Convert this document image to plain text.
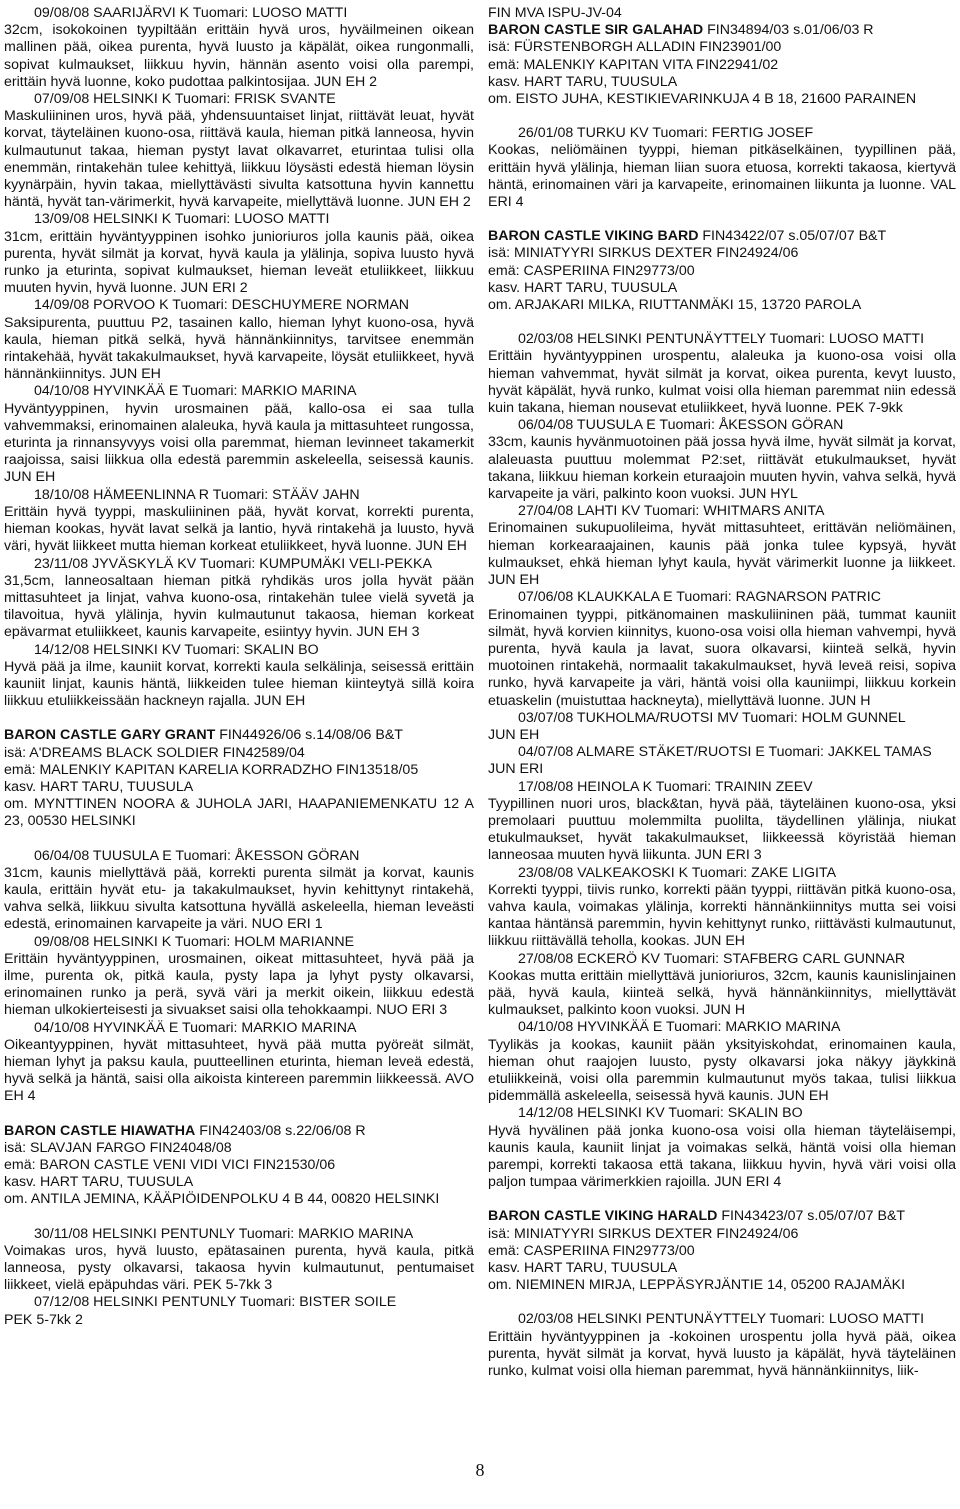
09/08/08 SAARIJÄRVI K Tuomari: LUOSO MATTI

32cm, isokokoinen tyypiltään erittäin hyvä uros, hyväilmeinen oikean mallinen pää, oikea purenta, hyvä luusto ja käpälät, oikea rungonmalli, sopivat kulmaukset, liikkuu hyvin, hännän asento voisi olla parempi, erittäin hyvä luonne, koko pudottaa palkintosijaa. JUN EH 2

07/09/08 HELSINKI K Tuomari: FRISK SVANTE

Maskuliininen uros, hyvä pää, yhdensuuntaiset linjat, riittävät leuat, hyvät korvat, täyteläinen kuono-osa, riittävä kaula, hieman pitkä lanneosa, hyvin kulmautunut takaa, hieman pystyt lavat olkavarret, eturintaa tulisi olla enemmän, rintakehän tulee kehittyä, liikkuu löysästi edestä hieman löysin kyynärpäin, hyvin takaa, miellyttävästi sivulta katsottuna hyvin kannettu häntä, hyvät tan-värimerkit, hyvä karvapeite, miellyttävä luonne. JUN EH 2

13/09/08 HELSINKI K Tuomari: LUOSO MATTI

31cm, erittäin hyväntyyppinen isohko junioriuros jolla kaunis pää, oikea purenta, hyvät silmät ja korvat, hyvä kaula ja ylälinja, sopiva luusto hyvä runko ja eturinta, sopivat kulmaukset, hieman leveät etuliikkeet, liikkuu muuten hyvin, hyvä luonne. JUN ERI 2

14/09/08 PORVOO K Tuomari: DESCHUYMERE NORMAN

Saksipurenta, puuttuu P2, tasainen kallo, hieman lyhyt kuono-osa, hyvä kaula, hieman pitkä selkä, hyvä hännänkiinnitys, tarvitsee enemmän rintakehää, hyvät takakulmaukset, hyvä karvapeite, löysät etuliikkeet, hyvä hännänkiinnitys. JUN EH

04/10/08 HYVINKÄÄ E Tuomari: MARKIO MARINA

Hyväntyyppinen, hyvin urosmainen pää, kallo-osa ei saa tulla vahvemmaksi, erinomainen alaleuka, hyvä kaula ja mittasuhteet rungossa, eturinta ja rinnansyvyys voisi olla paremmat, hieman levinneet takamerkit raajoissa, saisi liikkua olla edestä paremmin askeleella, seisessä kaunis. JUN EH

18/10/08 HÄMEENLINNA R Tuomari: STÄÄV JAHN

Erittäin hyvä tyyppi, maskuliininen pää, hyvät korvat, korrekti purenta, hieman kookas, hyvät lavat selkä ja lantio, hyvä rintakehä ja luusto, hyvä väri, hyvät liikkeet mutta hieman korkeat etuliikkeet, hyvä luonne. JUN EH

23/11/08 JYVÄSKYLÄ KV Tuomari: KUMPUMÄKI VELI-PEKKA

31,5cm, lanneosaltaan hieman pitkä ryhdikäs uros jolla hyvät pään mittasuhteet ja linjat, vahva kuono-osa, rintakehän tulee vielä syvetä ja tilavoitua, hyvä ylälinja, hyvin kulmautunut takaosa, hieman korkeat epävarmat etuliikkeet, kaunis karvapeite, esiintyy hyvin. JUN EH 3

14/12/08 HELSINKI KV Tuomari: SKALIN BO

Hyvä pää ja ilme, kauniit korvat, korrekti kaula selkälinja, seisessä erittäin kauniit linjat, kaunis häntä, liikkeiden tulee hieman kiinteytyä sillä koira liikkuu etuliikkeissään hackneyn rajalla. JUN EH

BARON CASTLE GARY GRANT FIN44926/06 s.14/08/06 B&T

isä: A'DREAMS BLACK SOLDIER FIN42589/04

emä: MALENKIY KAPITAN KARELIA KORRADZHO FIN13518/05

kasv. HART TARU, TUUSULA

om. MYNTTINEN NOORA & JUHOLA JARI, HAAPANIEMENKATU 12 A 23, 00530 HELSINKI

06/04/08 TUUSULA E Tuomari: ÅKESSON GÖRAN

31cm, kaunis miellyttävä pää, korrekti purenta silmät ja korvat, kaunis kaula, erittäin hyvät etu- ja takakulmaukset, hyvin kehittynyt rintakehä, vahva selkä, liikkuu sivulta katsottuna hyvällä askeleella, hieman leveästi edestä, erinomainen karvapeite ja väri. NUO ERI 1

09/08/08 HELSINKI K Tuomari: HOLM MARIANNE

Erittäin hyväntyyppinen, urosmainen, oikeat mittasuhteet, hyvä pää ja ilme, purenta ok, pitkä kaula, pysty lapa ja lyhyt pysty olkavarsi, erinomainen runko ja perä, syvä väri ja merkit oikein, liikkuu edestä hieman ulkokierteisesti ja sivuakset saisi olla tehokkaampi. NUO ERI 3

04/10/08 HYVINKÄÄ E Tuomari: MARKIO MARINA

Oikeantyyppinen, hyvät mittasuhteet, hyvä pää mutta pyöreät silmät, hieman lyhyt ja paksu kaula, puutteellinen eturinta, hieman leveä edestä, hyvä selkä ja häntä, saisi olla aikoista kintereen paremmin liikkeessä. AVO EH 4

BARON CASTLE HIAWATHA FIN42403/08 s.22/06/08 R

isä: SLAVJAN FARGO FIN24048/08

emä: BARON CASTLE VENI VIDI VICI FIN21530/06

kasv. HART TARU, TUUSULA

om. ANTILA JEMINA, KÄÄPIÖIDENPOLKU 4 B 44, 00820 HELSINKI

30/11/08 HELSINKI PENTUNLY Tuomari: MARKIO MARINA

Voimakas uros, hyvä luusto, epätasainen purenta, hyvä kaula, pitkä lanneosa, pysty olkavarsi, takaosa hyvin kulmautunut, pentumaiset liikkeet, vielä epäpuhdas väri. PEK 5-7kk 3

07/12/08 HELSINKI PENTUNLY Tuomari: BISTER SOILE

PEK 5-7kk 2

FIN MVA ISPU-JV-04

BARON CASTLE SIR GALAHAD FIN34894/03 s.01/06/03 R

isä: FÜRSTENBORGH ALLADIN FIN23901/00

emä: MALENKIY KAPITAN VITA FIN22941/02

kasv. HART TARU, TUUSULA

om. EISTO JUHA, KESTIKIEVARINKUJA 4 B 18, 21600 PARAINEN

26/01/08 TURKU KV Tuomari: FERTIG JOSEF

Kookas, neliömäinen tyyppi, hieman pitkäselkäinen, tyypillinen pää, erittäin hyvä ylälinja, hieman liian suora etuosa, korrekti takaosa, kiertyvä häntä, erinomainen väri ja karvapeite, erinomainen liikunta ja luonne. VAL ERI 4

BARON CASTLE VIKING BARD FIN43422/07 s.05/07/07 B&T

isä: MINIATYYRI SIRKUS DEXTER FIN24924/06

emä: CASPERIINA FIN29773/00

kasv. HART TARU, TUUSULA

om. ARJAKARI MILKA, RIUTTANMÄKI 15, 13720 PAROLA

02/03/08 HELSINKI PENTUNÄYTTELY Tuomari: LUOSO MATTI

Erittäin hyväntyyppinen urospentu, alaleuka ja kuono-osa voisi olla hieman vahvemmat, hyvät silmät ja korvat, oikea purenta, kevyt luusto, hyvät käpälät, hyvä runko, kulmat voisi olla hieman paremmat niin edessä kuin takana, hieman nousevat etuliikkeet, hyvä luonne. PEK 7-9kk

06/04/08 TUUSULA E Tuomari: ÅKESSON GÖRAN

33cm, kaunis hyvänmuotoinen pää jossa hyvä ilme, hyvät silmät ja korvat, alaleuasta puuttuu molemmat P2:set, riittävät etukulmaukset, hyvät takana, liikkuu hieman korkein eturaajoin muuten hyvin, vahva selkä, hyvä karvapeite ja väri, palkinto koon vuoksi. JUN HYL

27/04/08 LAHTI KV Tuomari: WHITMARS ANITA

Erinomainen sukupuolileima, hyvät mittasuhteet, erittävän neliömäinen, hieman korkearaajainen, kaunis pää jonka tulee kypsyä, hyvät kulmaukset, ehkä hieman lyhyt kaula, hyvät värimerkit luonne ja liikkeet. JUN EH

07/06/08 KLAUKKALA E Tuomari: RAGNARSON PATRIC

Erinomainen tyyppi, pitkänomainen maskuliininen pää, tummat kauniit silmät, hyvä korvien kiinnitys, kuono-osa voisi olla hieman vahvempi, hyvä purenta, hyvä kaula ja lavat, suora olkavarsi, kiinteä selkä, hyvin muotoinen rintakehä, normaalit takakulmaukset, hyvä leveä reisi, sopiva runko, hyvä karvapeite ja väri, häntä voisi olla kauniimpi, liikkuu korkein etuaskelin (muistuttaa hackneyta), miellyttävä luonne. JUN H

03/07/08 TUKHOLMA/RUOTSI MV Tuomari: HOLM GUNNEL

JUN EH

04/07/08 ALMARE STÄKET/RUOTSI E Tuomari: JAKKEL TAMAS

JUN ERI

17/08/08 HEINOLA K Tuomari: TRAININ ZEEV

Tyypillinen nuori uros, black&tan, hyvä pää, täyteläinen kuono-osa, yksi premolaari puuttuu molemmilta puolilta, täydellinen ylälinja, niukat etukulmaukset, hyvät takakulmaukset, liikkeessä köyristää hieman lanneosaa muuten hyvä liikunta. JUN ERI 3

23/08/08 VALKEAKOSKI K Tuomari: ZAKE LIGITA

Korrekti tyyppi, tiivis runko, korrekti pään tyyppi, riittävän pitkä kuono-osa, vahva kaula, voimakas ylälinja, korrekti hännänkiinnitys mutta sei voisi kantaa häntänsä paremmin, hyvin kehittynyt runko, riittävästi kulmautunut, liikkuu riittävällä teholla, kookas. JUN EH

27/08/08 ECKERÖ KV Tuomari: STAFBERG CARL GUNNAR

Kookas mutta erittäin miellyttävä junioriuros, 32cm, kaunis kaunislinjainen pää, hyvä kaula, kiinteä selkä, hyvä hännänkiinnitys, miellyttävät kulmaukset, palkinto koon vuoksi. JUN H

04/10/08 HYVINKÄÄ E Tuomari: MARKIO MARINA

Tyylikäs ja kookas, kauniit pään yksityiskohdat, erinomainen kaula, hieman ohut raajojen luusto, pysty olkavarsi joka näkyy jäykkinä etuliikkeinä, voisi olla paremmin kulmautunut myös takaa, tulisi liikkua pidemmällä askeleella, seisessä hyvä kaunis. JUN EH

14/12/08 HELSINKI KV Tuomari: SKALIN BO

Hyvä hyvälinen pää jonka kuono-osa voisi olla hieman täyteläisempi, kaunis kaula, kauniit linjat ja voimakas selkä, häntä voisi olla hieman parempi, korrekti takaosa että takana, liikkuu hyvin, hyvä väri voisi olla paljon tumpaa värimerkkien rajoilla. JUN ERI 4

BARON CASTLE VIKING HARALD FIN43423/07 s.05/07/07 B&T

isä: MINIATYYRI SIRKUS DEXTER FIN24924/06

emä: CASPERIINA FIN29773/00

kasv. HART TARU, TUUSULA

om. NIEMINEN MIRJA, LEPPÄSYRJÄNTIE 14, 05200 RAJAMÄKI

02/03/08 HELSINKI PENTUNÄYTTELY Tuomari: LUOSO MATTI

Erittäin hyväntyyppinen ja -kokoinen urospentu jolla hyvä pää, oikea purenta, hyvät silmät ja korvat, hyvä luusto ja käpälät, hyvä täyteläinen runko, kulmat voisi olla hieman paremmat, hyvä hännänkiinnitys, liik-

8
